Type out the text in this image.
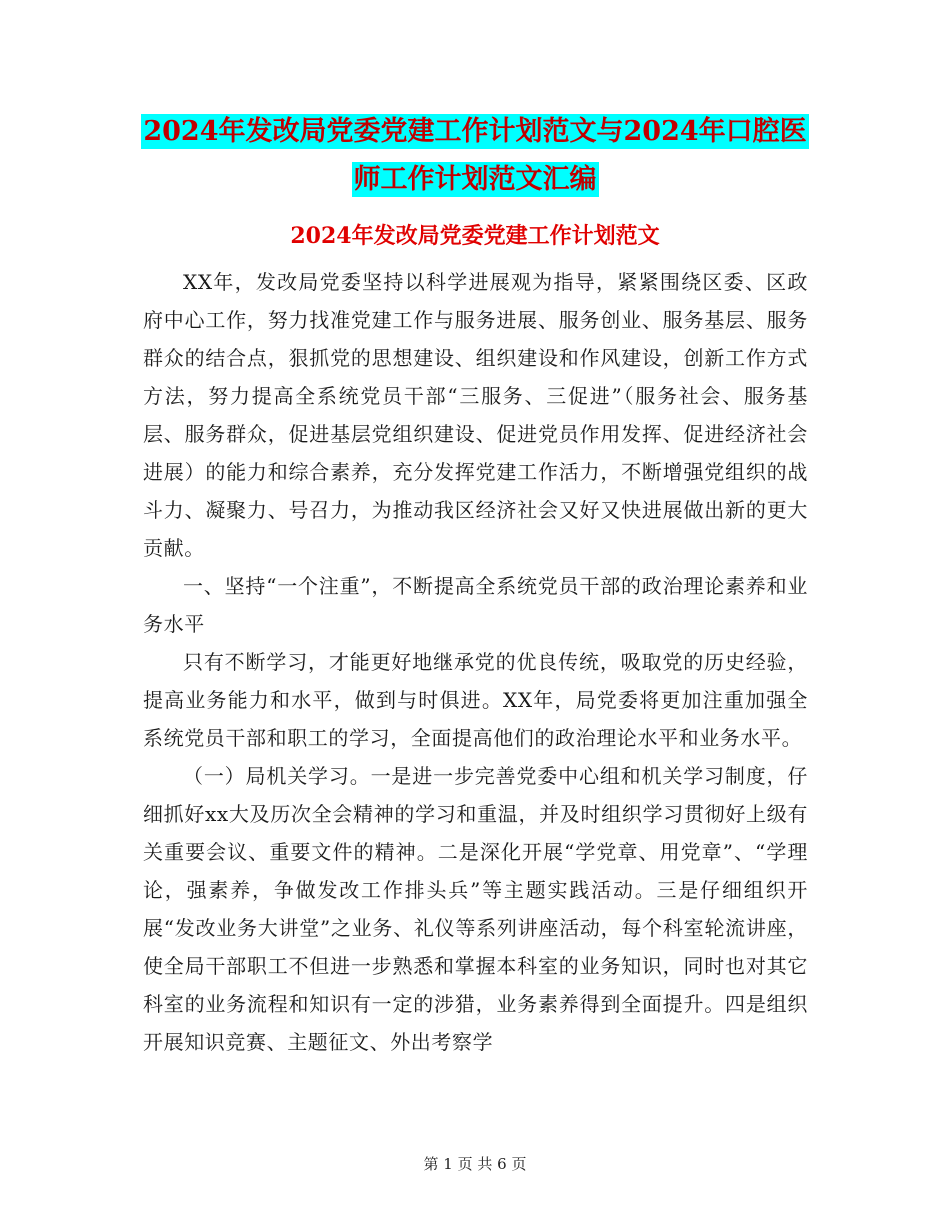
2024年发改局党委党建工作计划范文与2024年口腔医
师工作计划范文汇编
2024年发改局党委党建工作计划范文

XX年，发改局党委坚持以科学进展观为指导，紧紧围绕区委、区政府中心工作，努力找准党建工作与服务进展、服务创业、服务基层、服务群众的结合点，狠抓党的思想建设、组织建设和作风建设，创新工作方式方法，努力提高全系统党员干部“三服务、三促进”（服务社会、服务基层、服务群众，促进基层党组织建设、促进党员作用发挥、促进经济社会进展）的能力和综合素养，充分发挥党建工作活力，不断增强党组织的战斗力、凝聚力、号召力，为推动我区经济社会又好又快进展做出新的更大贡献。

一、坚持“一个注重”，不断提高全系统党员干部的政治理论素养和业务水平

只有不断学习，才能更好地继承党的优良传统，吸取党的历史经验，提高业务能力和水平，做到与时俱进。XX年，局党委将更加注重加强全系统党员干部和职工的学习，全面提高他们的政治理论水平和业务水平。

（一）局机关学习。一是进一步完善党委中心组和机关学习制度，仔细抓好xx大及历次全会精神的学习和重温，并及时组织学习贯彻好上级有关重要会议、重要文件的精神。二是深化开展“学党章、用党章”、“学理论，强素养，争做发改工作排头兵”等主题实践活动。三是仔细组织开展“发改业务大讲堂”之业务、礼仪等系列讲座活动，每个科室轮流讲座，使全局干部职工不但进一步熟悉和掌握本科室的业务知识，同时也对其它科室的业务流程和知识有一定的涉猎，业务素养得到全面提升。四是组织开展知识竞赛、主题征文、外出考察学

第 1 页 共 6 页
